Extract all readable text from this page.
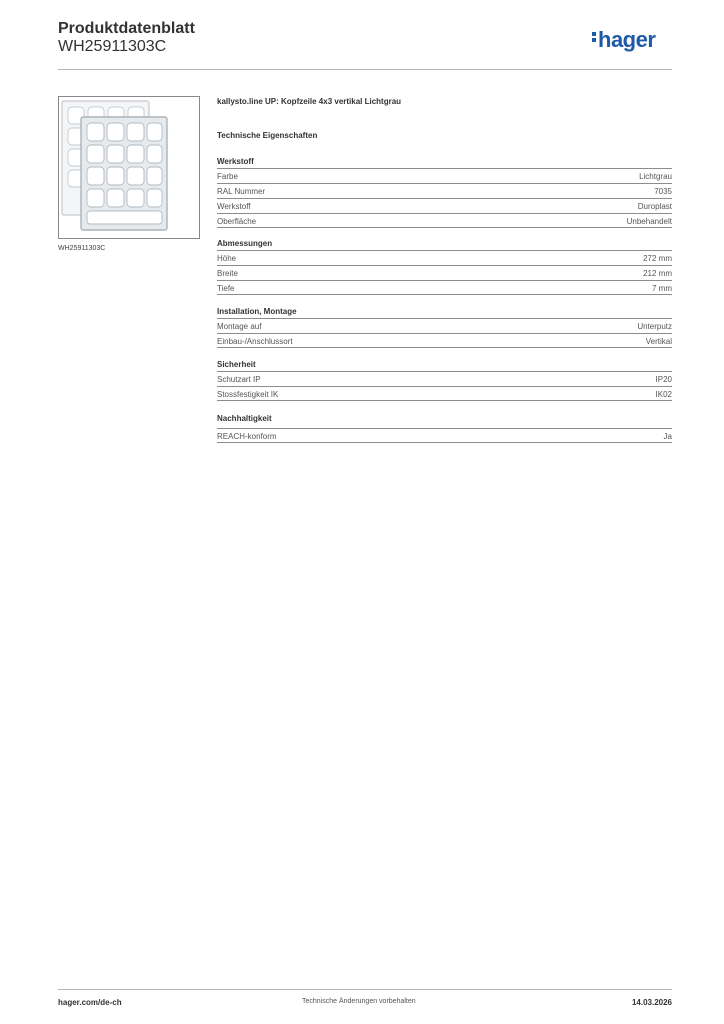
Produktdatenblatt
WH25911303C	hager
WH25911303C
kallysto.line UP: Kopfzeile 4x3 vertikal Lichtgrau
Technische Eigenschaften
Werkstoff
Farbe	Lichtgrau
RAL Nummer	7035
Werkstoff	Duroplast
Oberfläche	Unbehandelt
Abmessungen
Höhe	272 mm
Breite	212 mm
Tiefe	7 mm
Installation, Montage
Montage auf	Unterputz
Einbau-/Anschlussort	Vertikal
Sicherheit
Schutzart IP	IP20
Stossfestigkeit IK	IK02
Nachhaltigkeit
REACH-konform	Ja
hager.com/de-ch	Technische Änderungen vorbehalten	14.03.2026
